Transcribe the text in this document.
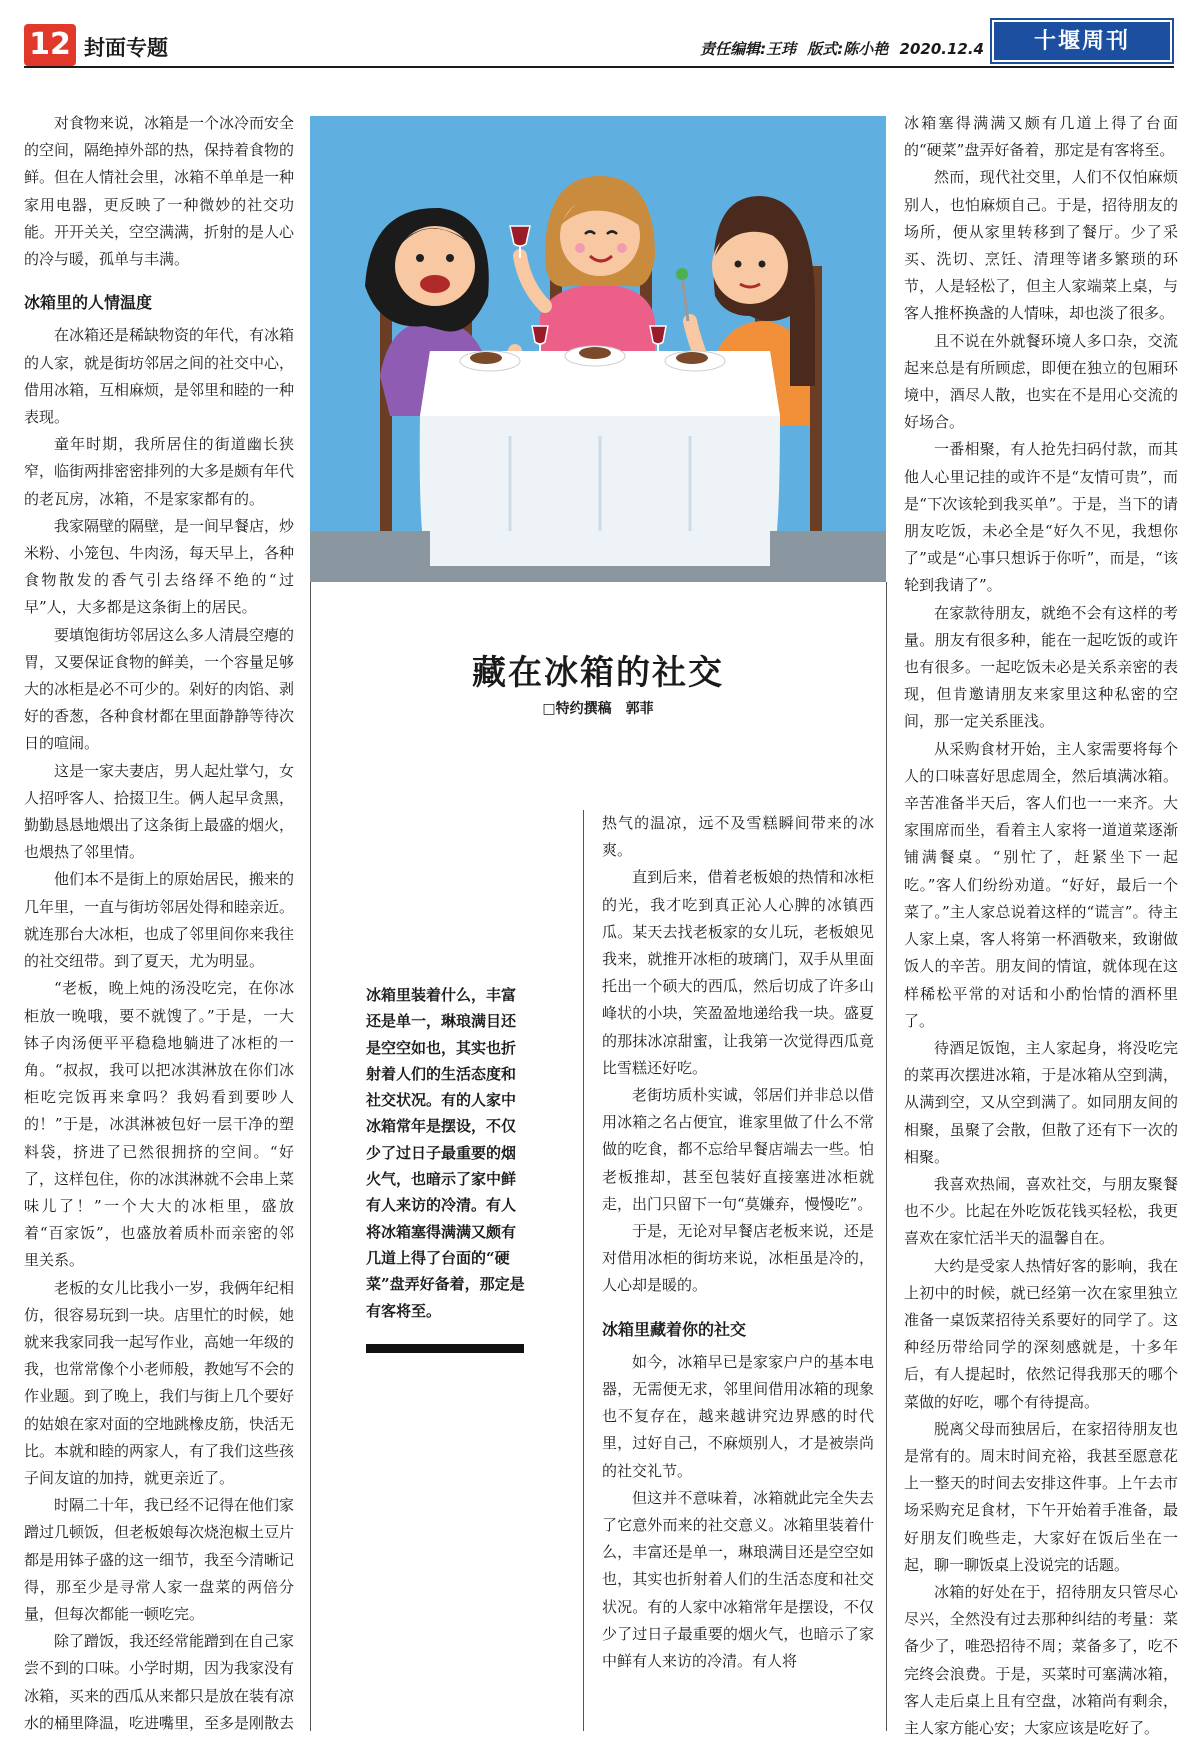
12 封面专题	责任编辑:王玮 版式:陈小艳 2020.12.4	十堰周刊

对食物来说，冰箱是一个冰冷而安全的空间，隔绝掉外部的热，保持着食物的鲜。但在人情社会里，冰箱不单单是一种家用电器，更反映了一种微妙的社交功能。开开关关，空空满满，折射的是人心的冷与暖，孤单与丰满。

冰箱里的人情温度

在冰箱还是稀缺物资的年代，有冰箱的人家，就是街坊邻居之间的社交中心，借用冰箱，互相麻烦，是邻里和睦的一种表现。

童年时期，我所居住的街道幽长狭窄，临街两排密密排列的大多是颇有年代的老瓦房，冰箱，不是家家都有的。

我家隔壁的隔壁，是一间早餐店，炒米粉、小笼包、牛肉汤，每天早上，各种食物散发的香气引去络绎不绝的“过早”人，大多都是这条街上的居民。

要填饱街坊邻居这么多人清晨空瘪的胃，又要保证食物的鲜美，一个容量足够大的冰柜是必不可少的。剁好的肉馅、剥好的香葱，各种食材都在里面静静等待次日的喧闹。

这是一家夫妻店，男人起灶掌勺，女人招呼客人、拾掇卫生。俩人起早贪黑，勤勤恳恳地煨出了这条街上最盛的烟火，也煨热了邻里情。

他们本不是街上的原始居民，搬来的几年里，一直与街坊邻居处得和睦亲近。就连那台大冰柜，也成了邻里间你来我往的社交纽带。到了夏天，尤为明显。

“老板，晚上炖的汤没吃完，在你冰柜放一晚哦，要不就馊了。”于是，一大钵子肉汤便平平稳稳地躺进了冰柜的一角。“叔叔，我可以把冰淇淋放在你们冰柜吃完饭再来拿吗？我妈看到要吵人的！”于是，冰淇淋被包好一层干净的塑料袋，挤进了已然很拥挤的空间。“好了，这样包住，你的冰淇淋就不会串上菜味儿了！”一个大大的冰柜里，盛放着“百家饭”，也盛放着质朴而亲密的邻里关系。

老板的女儿比我小一岁，我俩年纪相仿，很容易玩到一块。店里忙的时候，她就来我家同我一起写作业，高她一年级的我，也常常像个小老师般，教她写不会的作业题。到了晚上，我们与街上几个要好的姑娘在家对面的空地跳橡皮筋，快活无比。本就和睦的两家人，有了我们这些孩子间友谊的加持，就更亲近了。

时隔二十年，我已经不记得在他们家蹭过几顿饭，但老板娘每次烧泡椒土豆片都是用钵子盛的这一细节，我至今清晰记得，那至少是寻常人家一盘菜的两倍分量，但每次都能一顿吃完。

除了蹭饭，我还经常能蹭到在自己家尝不到的口味。小学时期，因为我家没有冰箱，买来的西瓜从来都只是放在装有凉水的桶里降温，吃进嘴里，至多是刚散去

藏在冰箱的社交
□特约撰稿　郭菲
冰箱里装着什么，丰富还是单一，琳琅满目还是空空如也，其实也折射着人们的生活态度和社交状况。有的人家中冰箱常年是摆设，不仅少了过日子最重要的烟火气，也暗示了家中鲜有人来访的冷清。有人将冰箱塞得满满又颇有几道上得了台面的“硬菜”盘弄好备着，那定是有客将至。

热气的温凉，远不及雪糕瞬间带来的冰爽。

直到后来，借着老板娘的热情和冰柜的光，我才吃到真正沁人心脾的冰镇西瓜。某天去找老板家的女儿玩，老板娘见我来，就推开冰柜的玻璃门，双手从里面托出一个硕大的西瓜，然后切成了许多山峰状的小块，笑盈盈地递给我一块。盛夏的那抹冰凉甜蜜，让我第一次觉得西瓜竟比雪糕还好吃。

老街坊质朴实诚，邻居们并非总以借用冰箱之名占便宜，谁家里做了什么不常做的吃食，都不忘给早餐店端去一些。怕老板推却，甚至包装好直接塞进冰柜就走，出门只留下一句“莫嫌弃，慢慢吃”。

于是，无论对早餐店老板来说，还是对借用冰柜的街坊来说，冰柜虽是冷的，人心却是暖的。

冰箱里藏着你的社交

如今，冰箱早已是家家户户的基本电器，无需便无求，邻里间借用冰箱的现象也不复存在，越来越讲究边界感的时代里，过好自己，不麻烦别人，才是被崇尚的社交礼节。

但这并不意味着，冰箱就此完全失去了它意外而来的社交意义。冰箱里装着什么，丰富还是单一，琳琅满目还是空空如也，其实也折射着人们的生活态度和社交状况。有的人家中冰箱常年是摆设，不仅少了过日子最重要的烟火气，也暗示了家中鲜有人来访的冷清。有人将

冰箱塞得满满又颇有几道上得了台面的“硬菜”盘弄好备着，那定是有客将至。

然而，现代社交里，人们不仅怕麻烦别人，也怕麻烦自己。于是，招待朋友的场所，便从家里转移到了餐厅。少了采买、洗切、烹饪、清理等诸多繁琐的环节，人是轻松了，但主人家端菜上桌，与客人推杯换盏的人情味，却也淡了很多。

且不说在外就餐环境人多口杂，交流起来总是有所顾虑，即便在独立的包厢环境中，酒尽人散，也实在不是用心交流的好场合。

一番相聚，有人抢先扫码付款，而其他人心里记挂的或许不是“友情可贵”，而是“下次该轮到我买单”。于是，当下的请朋友吃饭，未必全是“好久不见，我想你了”或是“心事只想诉于你听”，而是，“该轮到我请了”。

在家款待朋友，就绝不会有这样的考量。朋友有很多种，能在一起吃饭的或许也有很多。一起吃饭未必是关系亲密的表现，但肯邀请朋友来家里这种私密的空间，那一定关系匪浅。

从采购食材开始，主人家需要将每个人的口味喜好思虑周全，然后填满冰箱。辛苦准备半天后，客人们也一一来齐。大家围席而坐，看着主人家将一道道菜逐渐铺满餐桌。“别忙了，赶紧坐下一起吃。”客人们纷纷劝道。“好好，最后一个菜了。”主人家总说着这样的“谎言”。待主人家上桌，客人将第一杯酒敬来，致谢做饭人的辛苦。朋友间的情谊，就体现在这样稀松平常的对话和小酌怡情的酒杯里了。

待酒足饭饱，主人家起身，将没吃完的菜再次摆进冰箱，于是冰箱从空到满，从满到空，又从空到满了。如同朋友间的相聚，虽聚了会散，但散了还有下一次的相聚。

我喜欢热闹，喜欢社交，与朋友聚餐也不少。比起在外吃饭花钱买轻松，我更喜欢在家忙活半天的温馨自在。

大约是受家人热情好客的影响，我在上初中的时候，就已经第一次在家里独立准备一桌饭菜招待关系要好的同学了。这种经历带给同学的深刻感就是，十多年后，有人提起时，依然记得我那天的哪个菜做的好吃，哪个有待提高。

脱离父母而独居后，在家招待朋友也是常有的。周末时间充裕，我甚至愿意花上一整天的时间去安排这件事。上午去市场采购充足食材，下午开始着手准备，最好朋友们晚些走，大家好在饭后坐在一起，聊一聊饭桌上没说完的话题。

冰箱的好处在于，招待朋友只管尽心尽兴，全然没有过去那种纠结的考量：菜备少了，唯恐招待不周；菜备多了，吃不完终会浪费。于是，买菜时可塞满冰箱，客人走后桌上且有空盘，冰箱尚有剩余，主人家方能心安；大家应该是吃好了。
